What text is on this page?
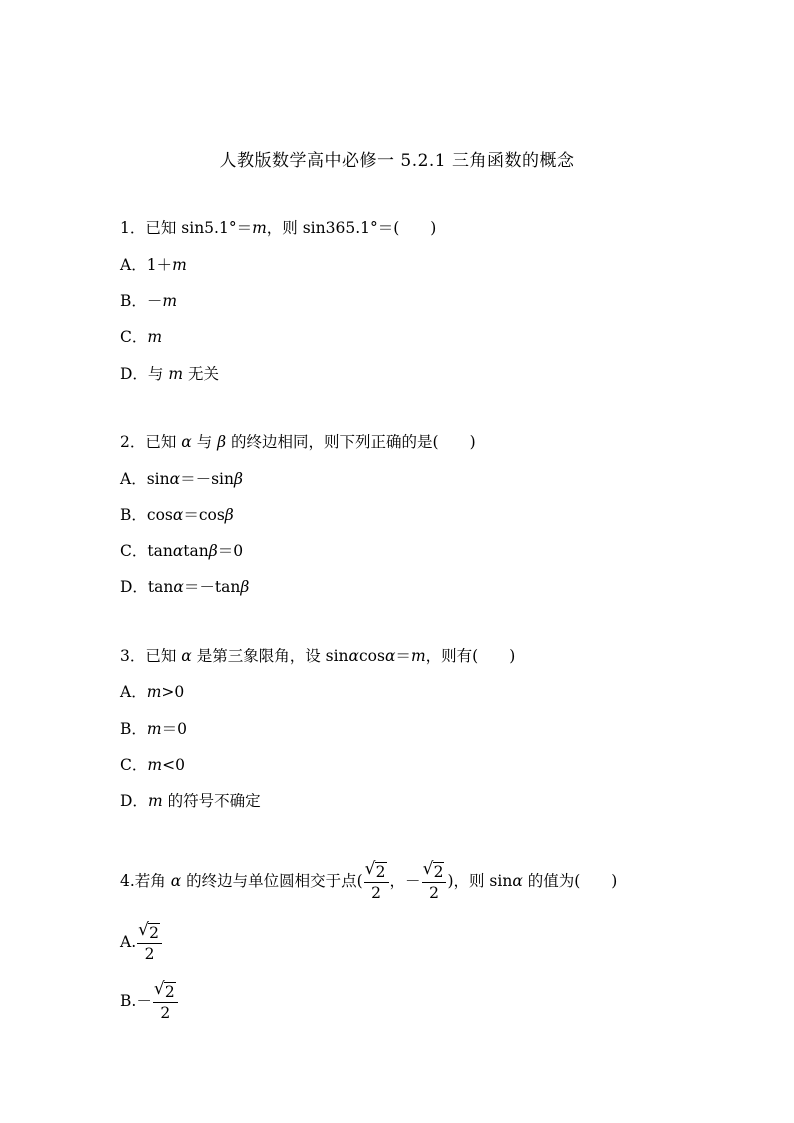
人教版数学高中必修一 5.2.1 三角函数的概念
1．已知 sin5.1°＝m，则 sin365.1°＝(　　)
A．1＋m
B．－m
C．m
D．与 m 无关
2．已知 α 与 β 的终边相同，则下列正确的是(　　)
A．sinα＝－sinβ
B．cosα＝cosβ
C．tanαtanβ＝0
D．tanα＝－tanβ
3．已知 α 是第三象限角，设 sinαcosα＝m，则有(　　)
A．m>0
B．m＝0
C．m<0
D．m 的符号不确定
4.若角 α 的终边与单位圆相交于点( $\frac{√ 2}{2}$ ，－ $\frac{√ 2}{2}$ )，则 sinα 的值为(　　)
A. $\frac{√ 2}{2}$
$B.- \frac{√ 2}{2}$
